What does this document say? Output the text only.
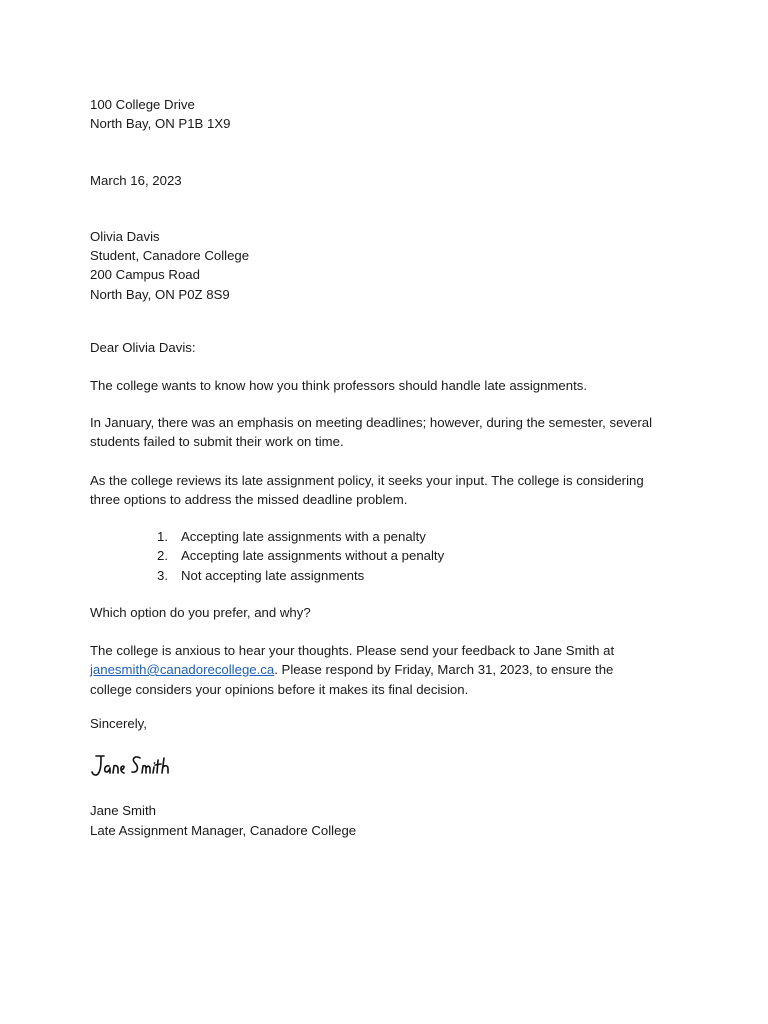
100 College Drive
North Bay, ON P1B 1X9
March 16, 2023
Olivia Davis
Student, Canadore College
200 Campus Road
North Bay, ON P0Z 8S9
Dear Olivia Davis:
The college wants to know how you think professors should handle late assignments.
In January, there was an emphasis on meeting deadlines; however, during the semester, several
students failed to submit their work on time.
As the college reviews its late assignment policy, it seeks your input. The college is considering
three options to address the missed deadline problem.
1. Accepting late assignments with a penalty
2. Accepting late assignments without a penalty
3. Not accepting late assignments
Which option do you prefer, and why?
The college is anxious to hear your thoughts. Please send your feedback to Jane Smith at
janesmith@canadorecollege.ca. Please respond by Friday, March 31, 2023, to ensure the
college considers your opinions before it makes its final decision.
Sincerely,
Jane Smith
Late Assignment Manager, Canadore College
